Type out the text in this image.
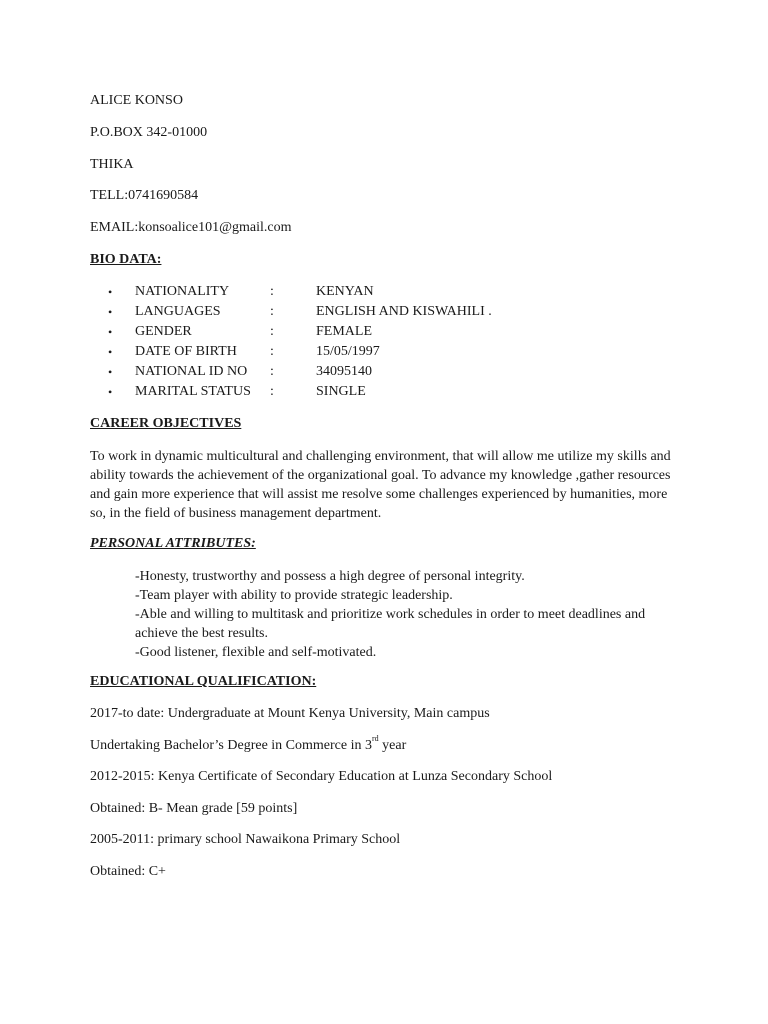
ALICE KONSO
P.O.BOX 342-01000
THIKA
TELL:0741690584
EMAIL:konsoalice101@gmail.com
BIO DATA:
• NATIONALITY	:	KENYAN
• LANGUAGES	:	ENGLISH AND KISWAHILI .
• GENDER	:	FEMALE
• DATE OF BIRTH :	15/05/1997
• NATIONAL ID NO :	34095140
• MARITAL STATUS :	SINGLE
CAREER OBJECTIVES
To work in dynamic multicultural and challenging environment, that will allow me utilize my skills and
ability towards the achievement of the organizational goal. To advance my knowledge ,gather resources
and gain more experience that will assist me resolve some challenges experienced by humanities, more
so, in the field of business management department.
PERSONAL ATTRIBUTES:
-Honesty, trustworthy and possess a high degree of personal integrity.
-Team player with ability to provide strategic leadership.
-Able and willing to multitask and prioritize work schedules in order to meet deadlines and
achieve the best results.
-Good listener, flexible and self-motivated.
EDUCATIONAL QUALIFICATION:
2017-to date: Undergraduate at Mount Kenya University, Main campus
Undertaking Bachelor’s Degree in Commerce in 3rd year
2012-2015: Kenya Certificate of Secondary Education at Lunza Secondary School
Obtained: B- Mean grade [59 points]
2005-2011: primary school Nawaikona Primary School
Obtained: C+
